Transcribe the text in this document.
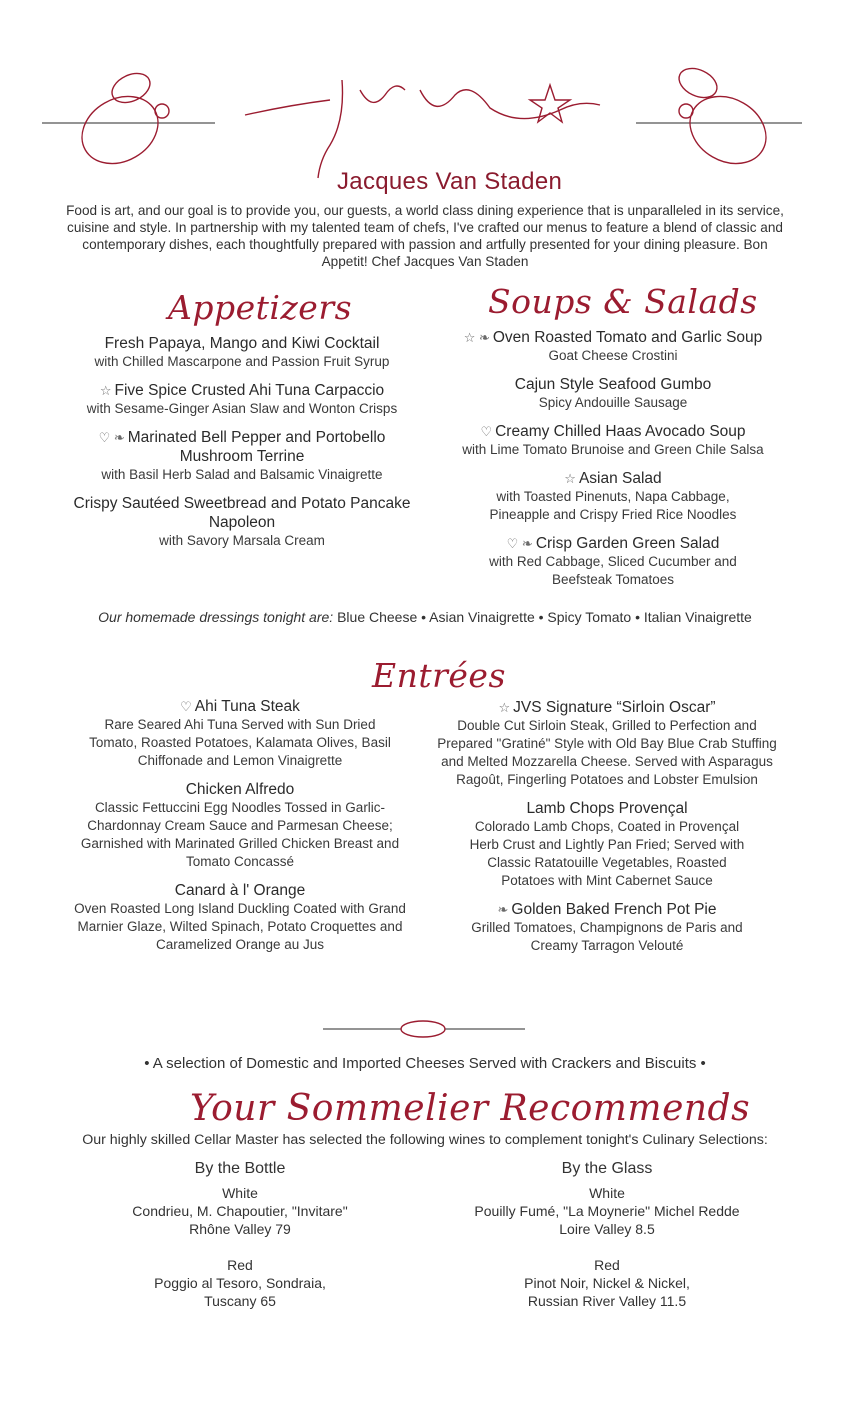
Jacques Van Staden
Food is art, and our goal is to provide you, our guests, a world class dining experience that is unparalleled in its service, cuisine and style. In partnership with my talented team of chefs, I've crafted our menus to feature a blend of classic and contemporary dishes, each thoughtfully prepared with passion and artfully presented for your dining pleasure. Bon Appetit! Chef Jacques Van Staden
Appetizers
Fresh Papaya, Mango and Kiwi Cocktail
with Chilled Mascarpone and Passion Fruit Syrup
☆ Five Spice Crusted Ahi Tuna Carpaccio
with Sesame-Ginger Asian Slaw and Wonton Crisps
♡ ❧ Marinated Bell Pepper and Portobello Mushroom Terrine
with Basil Herb Salad and Balsamic Vinaigrette
Crispy Sautéed Sweetbread and Potato Pancake Napoleon
with Savory Marsala Cream
Soups & Salads
☆ ❧ Oven Roasted Tomato and Garlic Soup
Goat Cheese Crostini
Cajun Style Seafood Gumbo
Spicy Andouille Sausage
♡ Creamy Chilled Haas Avocado Soup
with Lime Tomato Brunoise and Green Chile Salsa
☆ Asian Salad
with Toasted Pinenuts, Napa Cabbage, Pineapple and Crispy Fried Rice Noodles
♡ ❧ Crisp Garden Green Salad
with Red Cabbage, Sliced Cucumber and Beefsteak Tomatoes
Our homemade dressings tonight are: Blue Cheese • Asian Vinaigrette • Spicy Tomato • Italian Vinaigrette
Entrées
♡ Ahi Tuna Steak
Rare Seared Ahi Tuna Served with Sun Dried Tomato, Roasted Potatoes, Kalamata Olives, Basil Chiffonade and Lemon Vinaigrette
Chicken Alfredo
Classic Fettuccini Egg Noodles Tossed in Garlic-Chardonnay Cream Sauce and Parmesan Cheese; Garnished with Marinated Grilled Chicken Breast and Tomato Concassé
Canard à l' Orange
Oven Roasted Long Island Duckling Coated with Grand Marnier Glaze, Wilted Spinach, Potato Croquettes and Caramelized Orange au Jus
☆ JVS Signature “Sirloin Oscar”
Double Cut Sirloin Steak, Grilled to Perfection and Prepared "Gratiné" Style with Old Bay Blue Crab Stuffing and Melted Mozzarella Cheese. Served with Asparagus Ragoût, Fingerling Potatoes and Lobster Emulsion
Lamb Chops Provençal
Colorado Lamb Chops, Coated in Provençal Herb Crust and Lightly Pan Fried; Served with Classic Ratatouille Vegetables, Roasted Potatoes with Mint Cabernet Sauce
❧ Golden Baked French Pot Pie
Grilled Tomatoes, Champignons de Paris and Creamy Tarragon Velouté
• A selection of Domestic and Imported Cheeses Served with Crackers and Biscuits •
Your Sommelier Recommends
Our highly skilled Cellar Master has selected the following wines to complement tonight's Culinary Selections:
By the Bottle
White
Condrieu, M. Chapoutier, "Invitare"
Rhône Valley 79
Red
Poggio al Tesoro, Sondraia,
Tuscany 65
By the Glass
White
Pouilly Fumé, "La Moynerie" Michel Redde
Loire Valley 8.5
Red
Pinot Noir, Nickel & Nickel,
Russian River Valley 11.5
